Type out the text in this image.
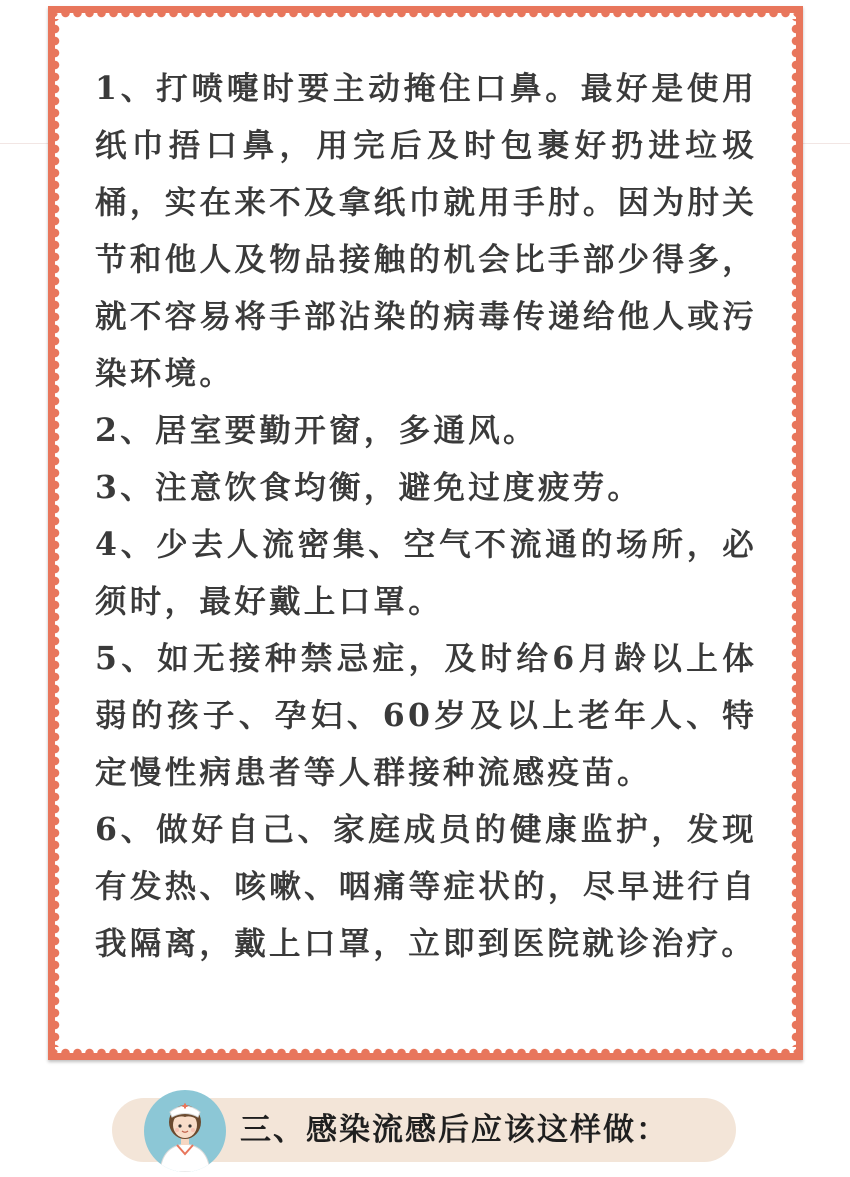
1、打喷嚏时要主动掩住口鼻。最好是使用纸巾捂口鼻，用完后及时包裹好扔进垃圾桶，实在来不及拿纸巾就用手肘。因为肘关节和他人及物品接触的机会比手部少得多，就不容易将手部沾染的病毒传递给他人或污染环境。

2、居室要勤开窗，多通风。

3、注意饮食均衡，避免过度疲劳。

4、少去人流密集、空气不流通的场所，必须时，最好戴上口罩。

5、如无接种禁忌症，及时给6月龄以上体弱的孩子、孕妇、60岁及以上老年人、特定慢性病患者等人群接种流感疫苗。

6、做好自己、家庭成员的健康监护，发现有发热、咳嗽、咽痛等症状的，尽早进行自我隔离，戴上口罩，立即到医院就诊治疗。

三、感染流感后应该这样做：
